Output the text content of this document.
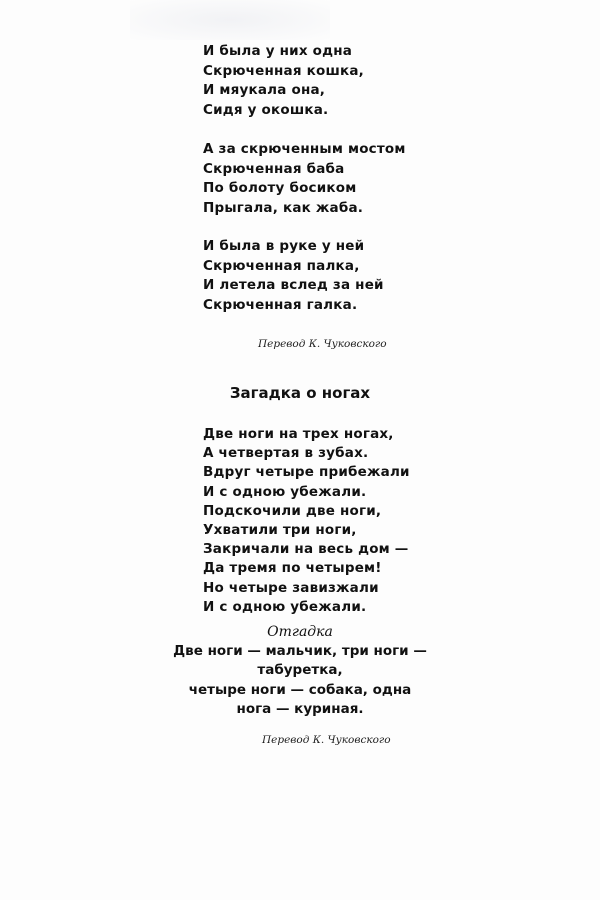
И была у них одна
Скрюченная кошка,
И мяукала она,
Сидя у окошка.
А за скрюченным мостом
Скрюченная баба
По болоту босиком
Прыгала, как жаба.
И была в руке у ней
Скрюченная палка,
И летела вслед за ней
Скрюченная галка.
Перевод К. Чуковского
Загадка о ногах
Две ноги на трех ногах,
А четвертая в зубах.
Вдруг четыре прибежали
И с одною убежали.
Подскочили две ноги,
Ухватили три ноги,
Закричали на весь дом —
Да тремя по четырем!
Но четыре завизжали
И с одною убежали.
Отгадка
Две ноги — мальчик, три ноги —
табуретка,
четыре ноги — собака, одна
нога — куриная.
Перевод К. Чуковского
